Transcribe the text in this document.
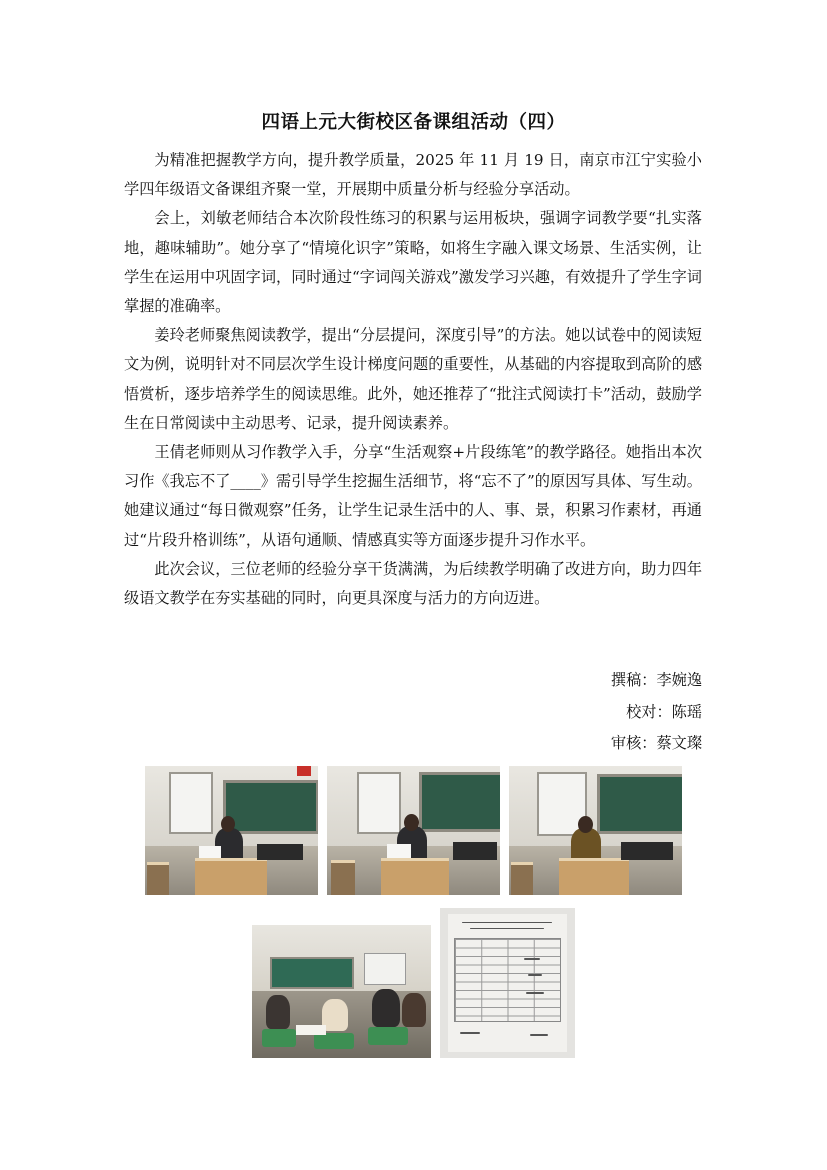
四语上元大街校区备课组活动（四）

为精准把握教学方向，提升教学质量，2025 年 11 月 19 日，南京市江宁实验小学四年级语文备课组齐聚一堂，开展期中质量分析与经验分享活动。

会上，刘敏老师结合本次阶段性练习的积累与运用板块，强调字词教学要“扎实落地，趣味辅助”。她分享了“情境化识字”策略，如将生字融入课文场景、生活实例，让学生在运用中巩固字词，同时通过“字词闯关游戏”激发学习兴趣，有效提升了学生字词掌握的准确率。

姜玲老师聚焦阅读教学，提出“分层提问，深度引导”的方法。她以试卷中的阅读短文为例，说明针对不同层次学生设计梯度问题的重要性，从基础的内容提取到高阶的感悟赏析，逐步培养学生的阅读思维。此外，她还推荐了“批注式阅读打卡”活动，鼓励学生在日常阅读中主动思考、记录，提升阅读素养。

王倩老师则从习作教学入手，分享“生活观察+片段练笔”的教学路径。她指出本次习作《我忘不了____》需引导学生挖掘生活细节，将“忘不了”的原因写具体、写生动。她建议通过“每日微观察”任务，让学生记录生活中的人、事、景，积累习作素材，再通过“片段升格训练”，从语句通顺、情感真实等方面逐步提升习作水平。

此次会议，三位老师的经验分享干货满满，为后续教学明确了改进方向，助力四年级语文教学在夯实基础的同时，向更具深度与活力的方向迈进。

撰稿：李婉逸
校对：陈瑶
审核：蔡文璨
